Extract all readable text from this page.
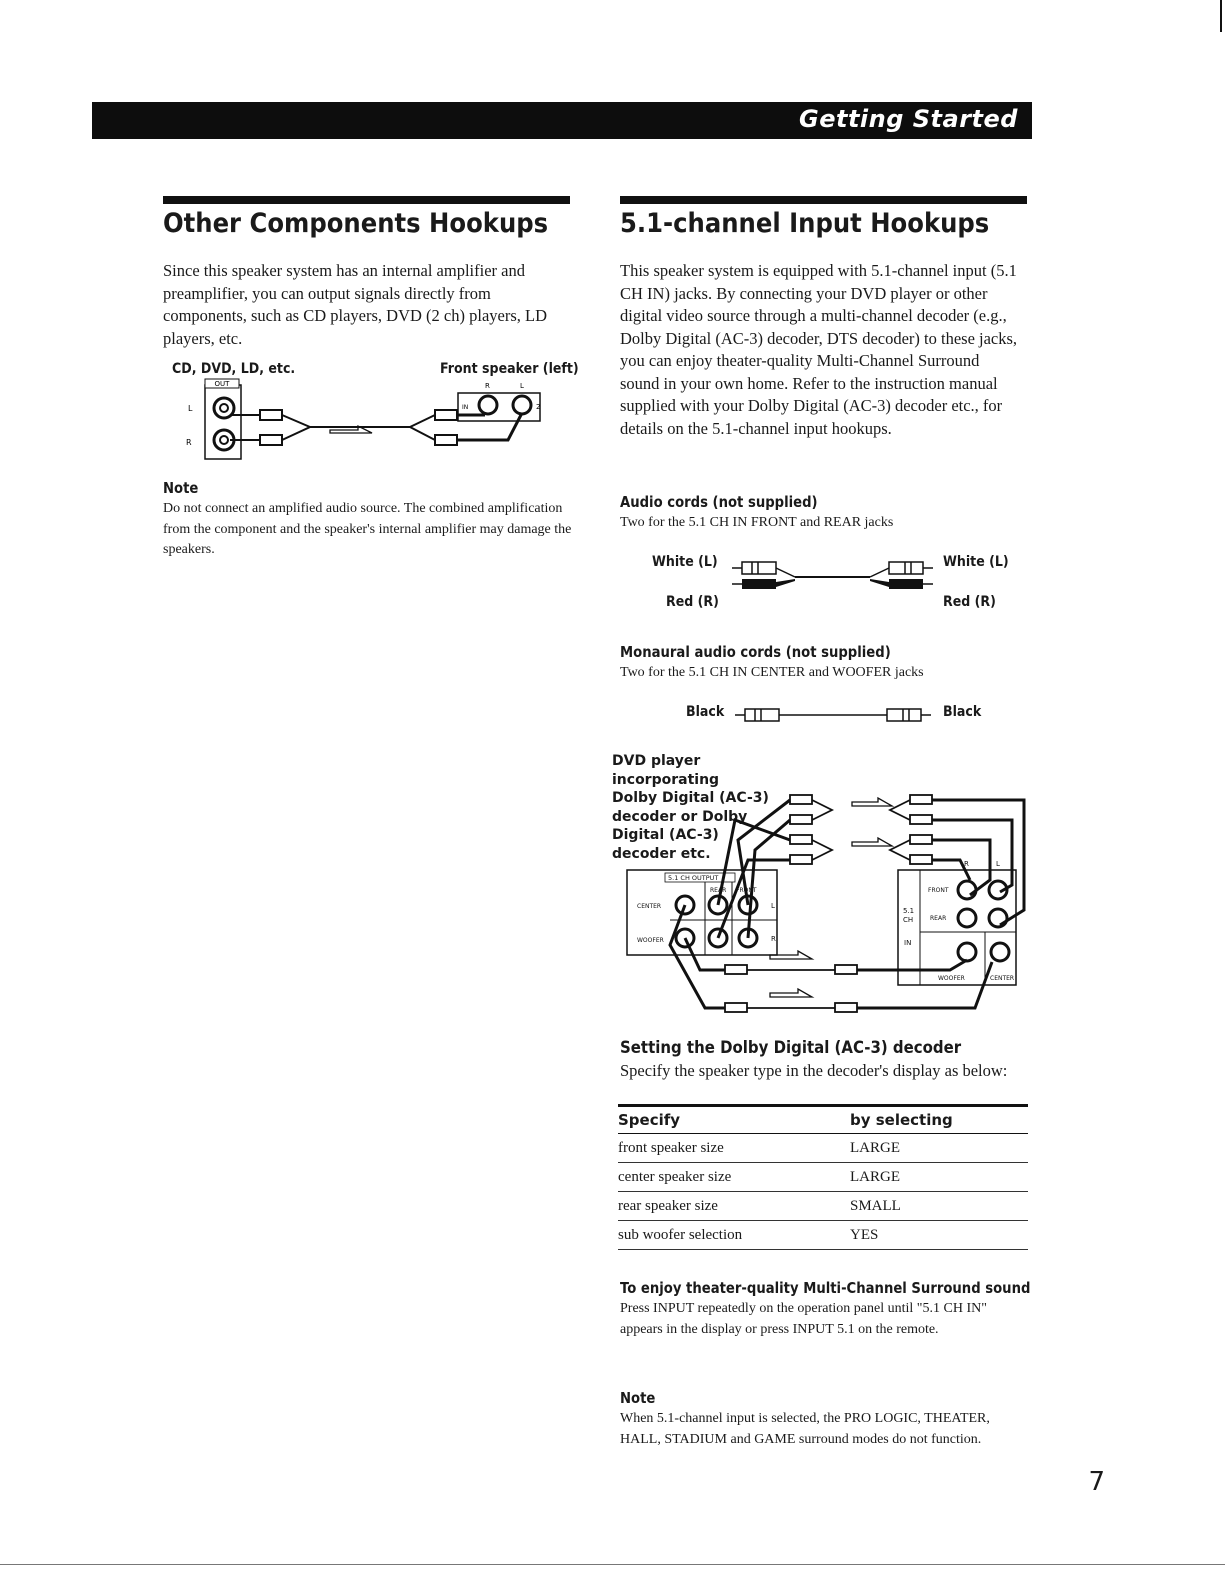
Getting Started
Other Components Hookups
Since this speaker system has an internal amplifier and preamplifier, you can output signals directly from components, such as CD players, DVD (2 ch) players, LD players, etc.
CD, DVD, LD, etc.	Front speaker (left)
OUT
L
R
R	L
IN	2
Note
Do not connect an amplified audio source. The combined amplification from the component and the speaker's internal amplifier may damage the speakers.
5.1-channel Input Hookups
This speaker system is equipped with 5.1-channel input (5.1 CH IN) jacks. By connecting your DVD player or other digital video source through a multi-channel decoder (e.g., Dolby Digital (AC-3) decoder, DTS decoder) to these jacks, you can enjoy theater-quality Multi-Channel Surround sound in your own home. Refer to the instruction manual supplied with your Dolby Digital (AC-3) decoder etc., for details on the 5.1-channel input hookups.
Audio cords (not supplied)
Two for the 5.1 CH IN FRONT and REAR jacks
White (L)
Red (R)
White (L)
Red (R)
Monaural audio cords (not supplied)
Two for the 5.1 CH IN CENTER and WOOFER jacks
Black	Black
DVD player
incorporating
Dolby Digital (AC-3)
decoder or Dolby
Digital (AC-3)
decoder etc.
5.1 CH OUTPUT
REAR FRONT
CENTER
WOOFER
L
R
5.1
CH
IN
FRONT
REAR
WOOFER	CENTER
R	L
Setting the Dolby Digital (AC-3) decoder
Specify the speaker type in the decoder's display as below:
Specify	by selecting
front speaker size	LARGE
center speaker size	LARGE
rear speaker size	SMALL
sub woofer selection	YES
To enjoy theater-quality Multi-Channel Surround sound
Press INPUT repeatedly on the operation panel until "5.1 CH IN" appears in the display or press INPUT 5.1 on the remote.
Note
When 5.1-channel input is selected, the PRO LOGIC, THEATER, HALL, STADIUM and GAME surround modes do not function.
7
